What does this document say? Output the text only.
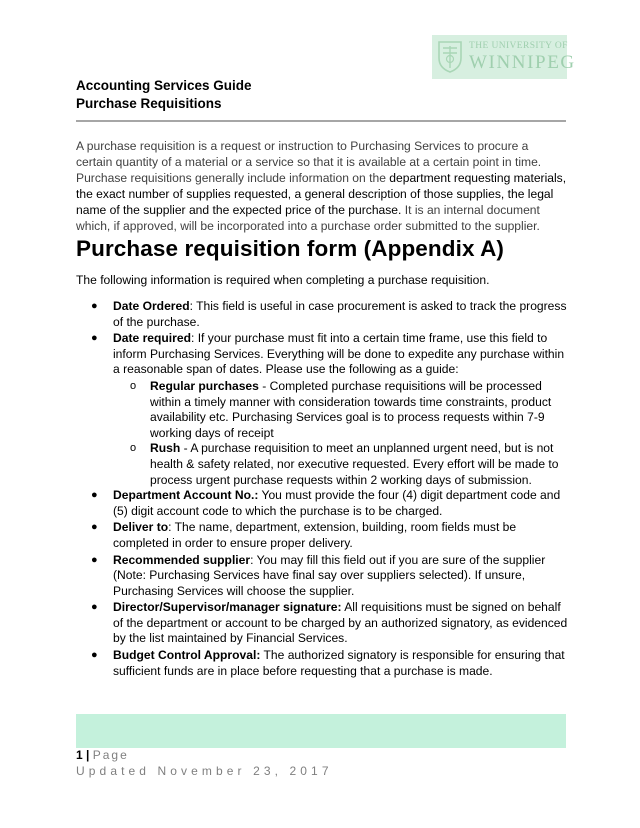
THE UNIVERSITY OF
WINNIPEG
Accounting Services Guide
Purchase Requisitions
A purchase requisition is a request or instruction to Purchasing Services to procure a certain quantity of a material or a service so that it is available at a certain point in time. Purchase requisitions generally include information on the department requesting materials, the exact number of supplies requested, a general description of those supplies, the legal name of the supplier and the expected price of the purchase. It is an internal document which, if approved, will be incorporated into a purchase order submitted to the supplier.
Purchase requisition form (Appendix A)
The following information is required when completing a purchase requisition.
● Date Ordered: This field is useful in case procurement is asked to track the progress of the purchase.
● Date required: If your purchase must fit into a certain time frame, use this field to inform Purchasing Services. Everything will be done to expedite any purchase within a reasonable span of dates. Please use the following as a guide:
o Regular purchases - Completed purchase requisitions will be processed within a timely manner with consideration towards time constraints, product availability etc. Purchasing Services goal is to process requests within 7-9 working days of receipt
o Rush - A purchase requisition to meet an unplanned urgent need, but is not health & safety related, nor executive requested. Every effort will be made to process urgent purchase requests within 2 working days of submission.
● Department Account No.: You must provide the four (4) digit department code and (5) digit account code to which the purchase is to be charged.
● Deliver to: The name, department, extension, building, room fields must be completed in order to ensure proper delivery.
● Recommended supplier: You may fill this field out if you are sure of the supplier (Note: Purchasing Services have final say over suppliers selected). If unsure, Purchasing Services will choose the supplier.
● Director/Supervisor/manager signature: All requisitions must be signed on behalf of the department or account to be charged by an authorized signatory, as evidenced by the list maintained by Financial Services.
● Budget Control Approval: The authorized signatory is responsible for ensuring that sufficient funds are in place before requesting that a purchase is made.
1 | Page
Updated November 23, 2017
